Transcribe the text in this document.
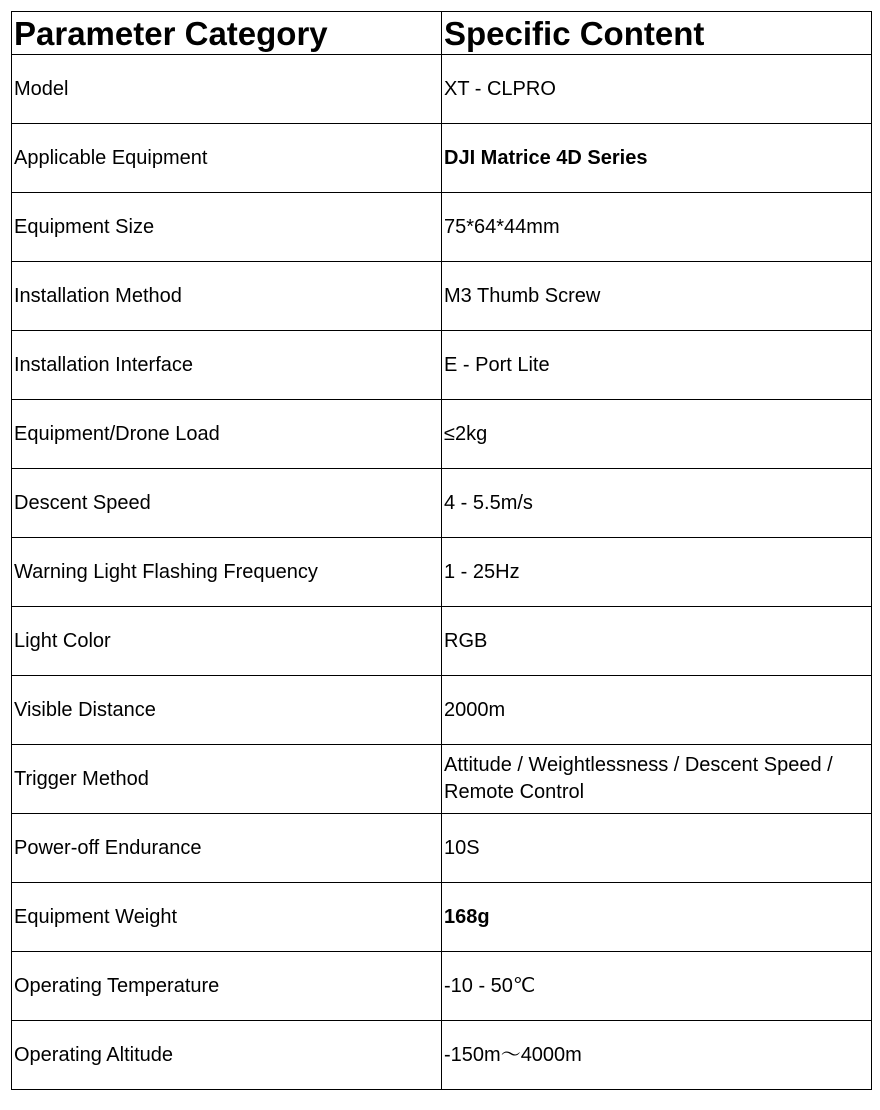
Parameter Category	Specific Content
Model	XT - CLPRO
Applicable Equipment	DJI Matrice 4D Series
Equipment Size	75*64*44mm
Installation Method	M3 Thumb Screw
Installation Interface	E - Port Lite
Equipment/Drone Load	≤2kg
Descent Speed	4 - 5.5m/s
Warning Light Flashing Frequency	1 - 25Hz
Light Color	RGB
Visible Distance	2000m
Trigger Method	Attitude / Weightlessness / Descent Speed / Remote Control
Power-off Endurance	10S
Equipment Weight	168g
Operating Temperature	-10 - 50℃
Operating Altitude	-150m～4000m
